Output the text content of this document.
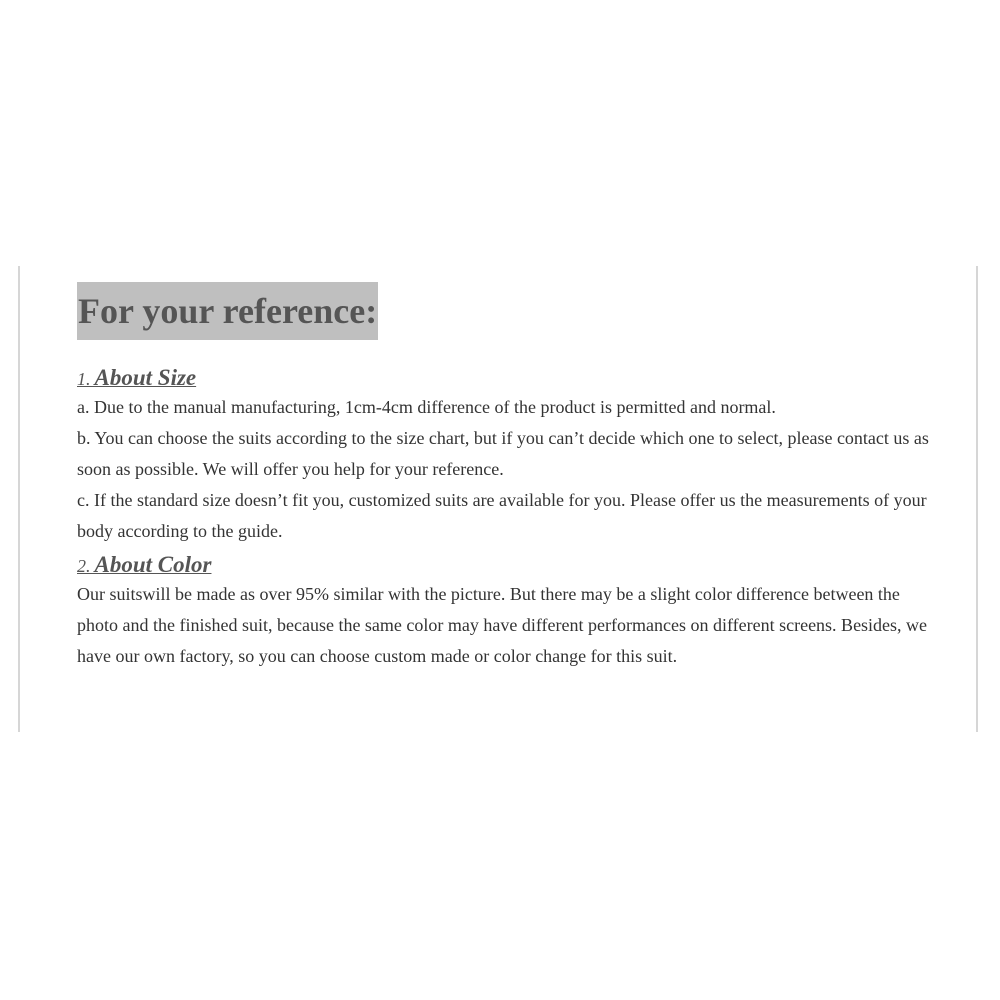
For your reference:
1. About Size

a. Due to the manual manufacturing, 1cm-4cm difference of the product is permitted and normal.

b. You can choose the suits according to the size chart, but if you can’t decide which one to select, please contact us as soon as possible. We will offer you help for your reference.

c. If the standard size doesn’t fit you, customized suits are available for you. Please offer us the measurements of your body according to the guide.

2. About Color

Our suitswill be made as over 95% similar with the picture. But there may be a slight color difference between the photo and the finished suit, because the same color may have different performances on different screens. Besides, we have our own factory, so you can choose custom made or color change for this suit.
